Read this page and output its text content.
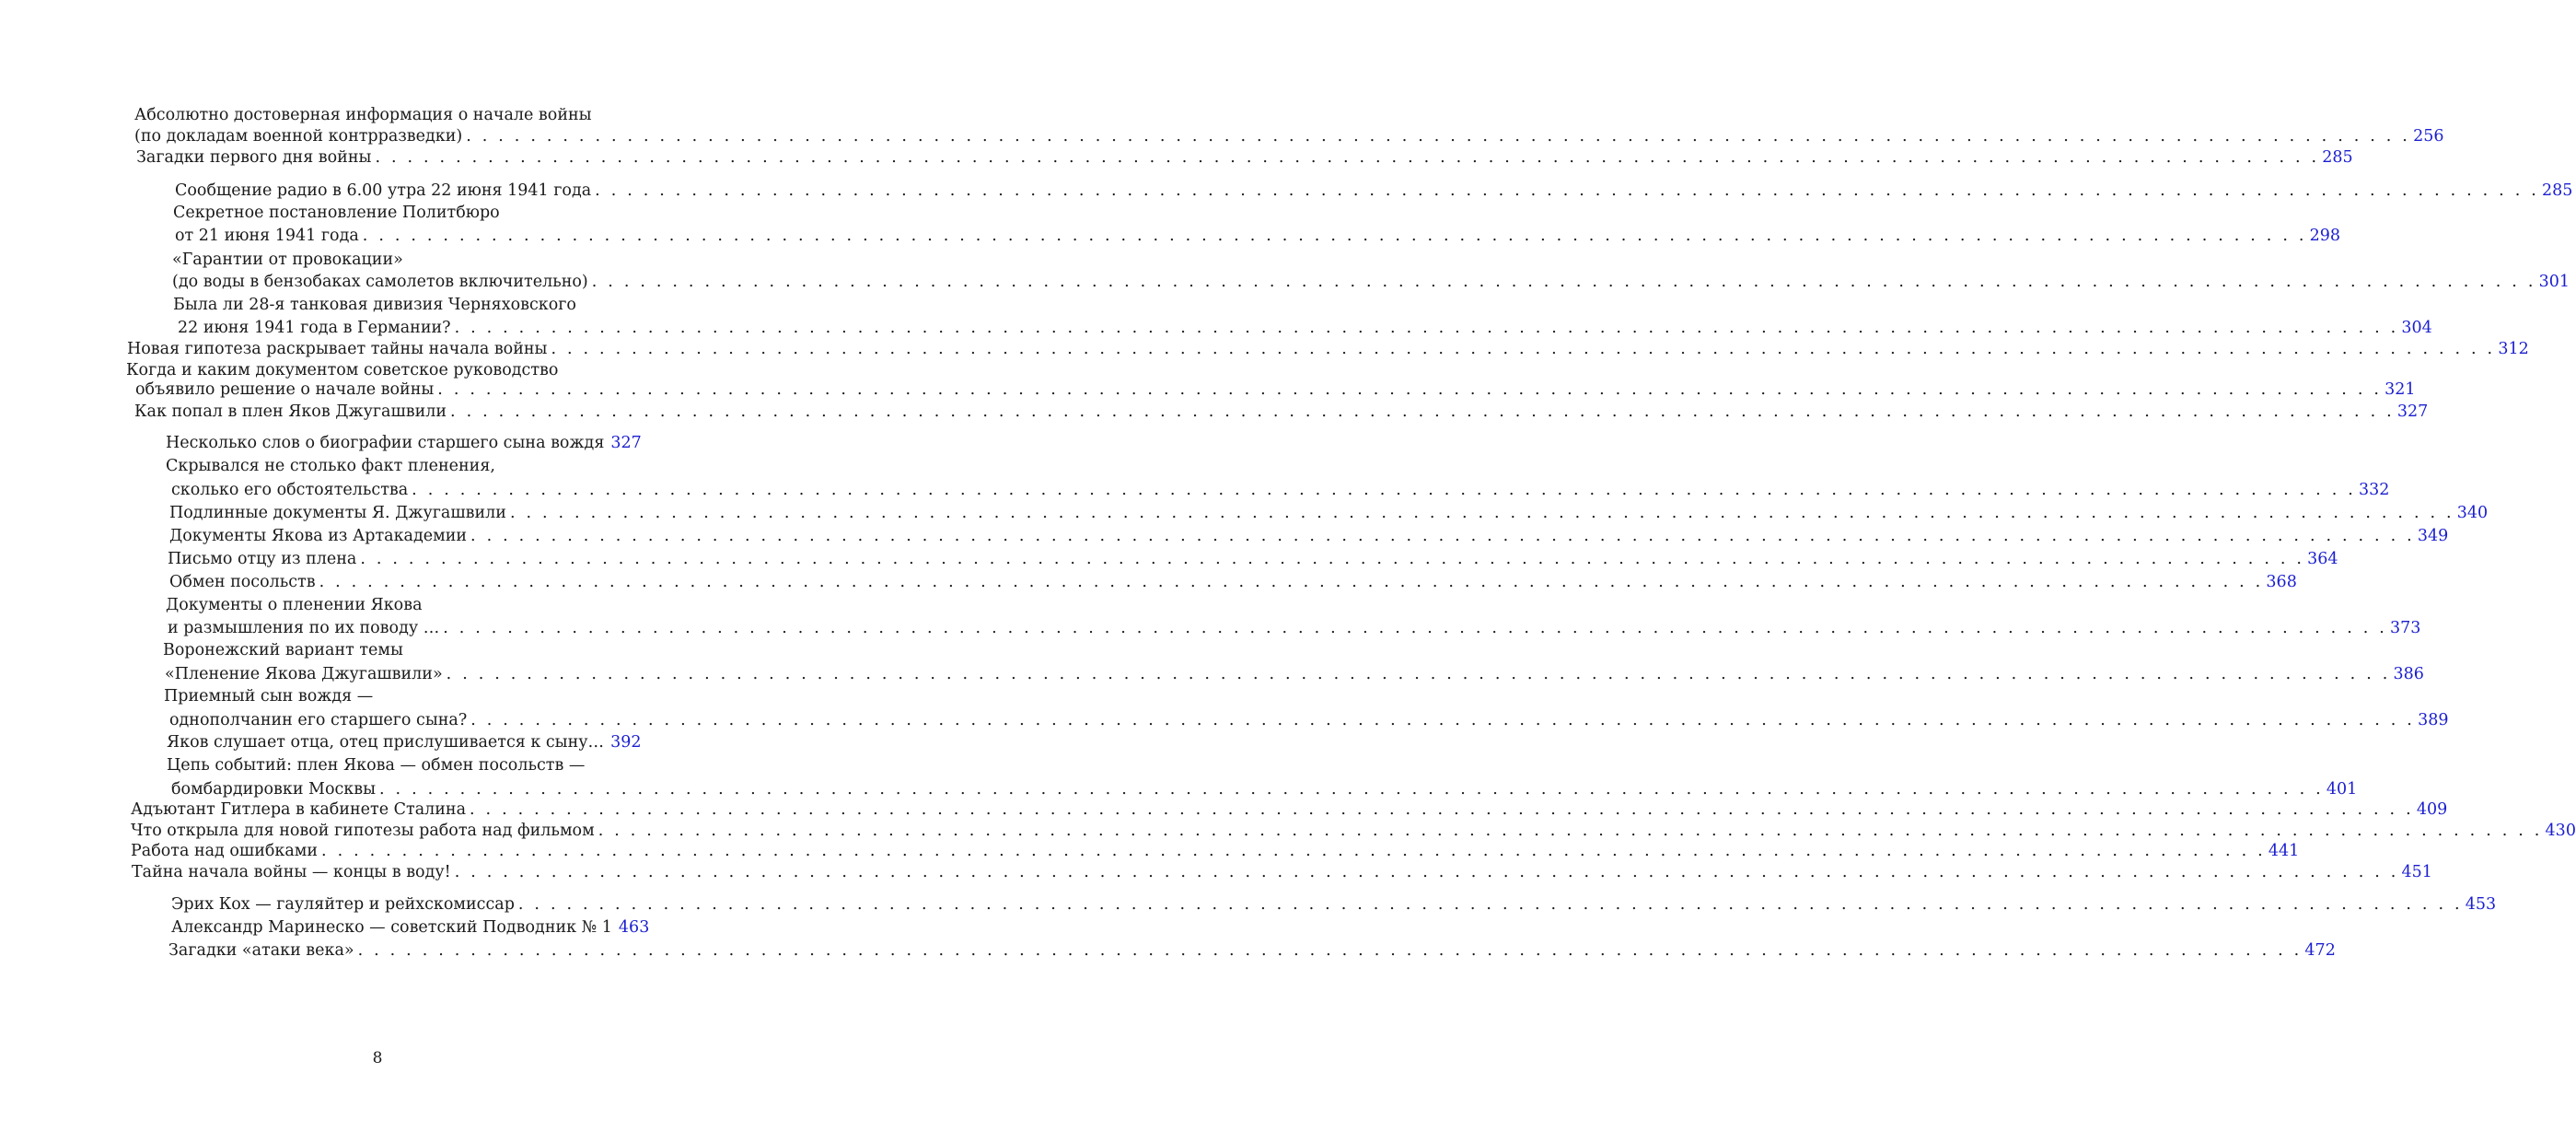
Абсолютно достоверная информация о начале войны
(по докладам военной контрразведки) . . .	256
Загадки первого дня войны . . .	285
Сообщение радио в 6.00 утра 22 июня 1941 года . . .	285
Секретное постановление Политбюро
от 21 июня 1941 года . . .	298
«Гарантии от провокации»
(до воды в бензобаках самолетов включительно) . . .	301
Была ли 28-я танковая дивизия Черняховского
22 июня 1941 года в Германии? . . .	304
Новая гипотеза раскрывает тайны начала войны . . .	312
Когда и каким документом советское руководство
объявило решение о начале войны . . .	321
Как попал в плен Яков Джугашвили . . .	327
Несколько слов о биографии старшего сына вождя 327
Скрывался не столько факт пленения,
сколько его обстоятельства . . .	332
Подлинные документы Я. Джугашвили . . .	340
Документы Якова из Артакадемии . . .	349
Письмо отцу из плена . . .	364
Обмен посольств . . .	368
Документы о пленении Якова
и размышления по их поводу … . . .	373
Воронежский вариант темы
«Пленение Якова Джугашвили» . . .	386
Приемный сын вождя —
однополчанин его старшего сына? . . .	389
Яков слушает отца, отец прислушивается к сыну… 392
Цепь событий: плен Якова — обмен посольств —
бомбардировки Москвы . . .	401
Адъютант Гитлера в кабинете Сталина . . .	409
Что открыла для новой гипотезы работа над фильмом . . .	430
Работа над ошибками . . .	441
Тайна начала войны — концы в воду! . . .	451
Эрих Кох — гауляйтер и рейхскомиссар . . .	453
Александр Маринеско — советский Подводник № 1 463
Загадки «атаки века» . . .	472
8
